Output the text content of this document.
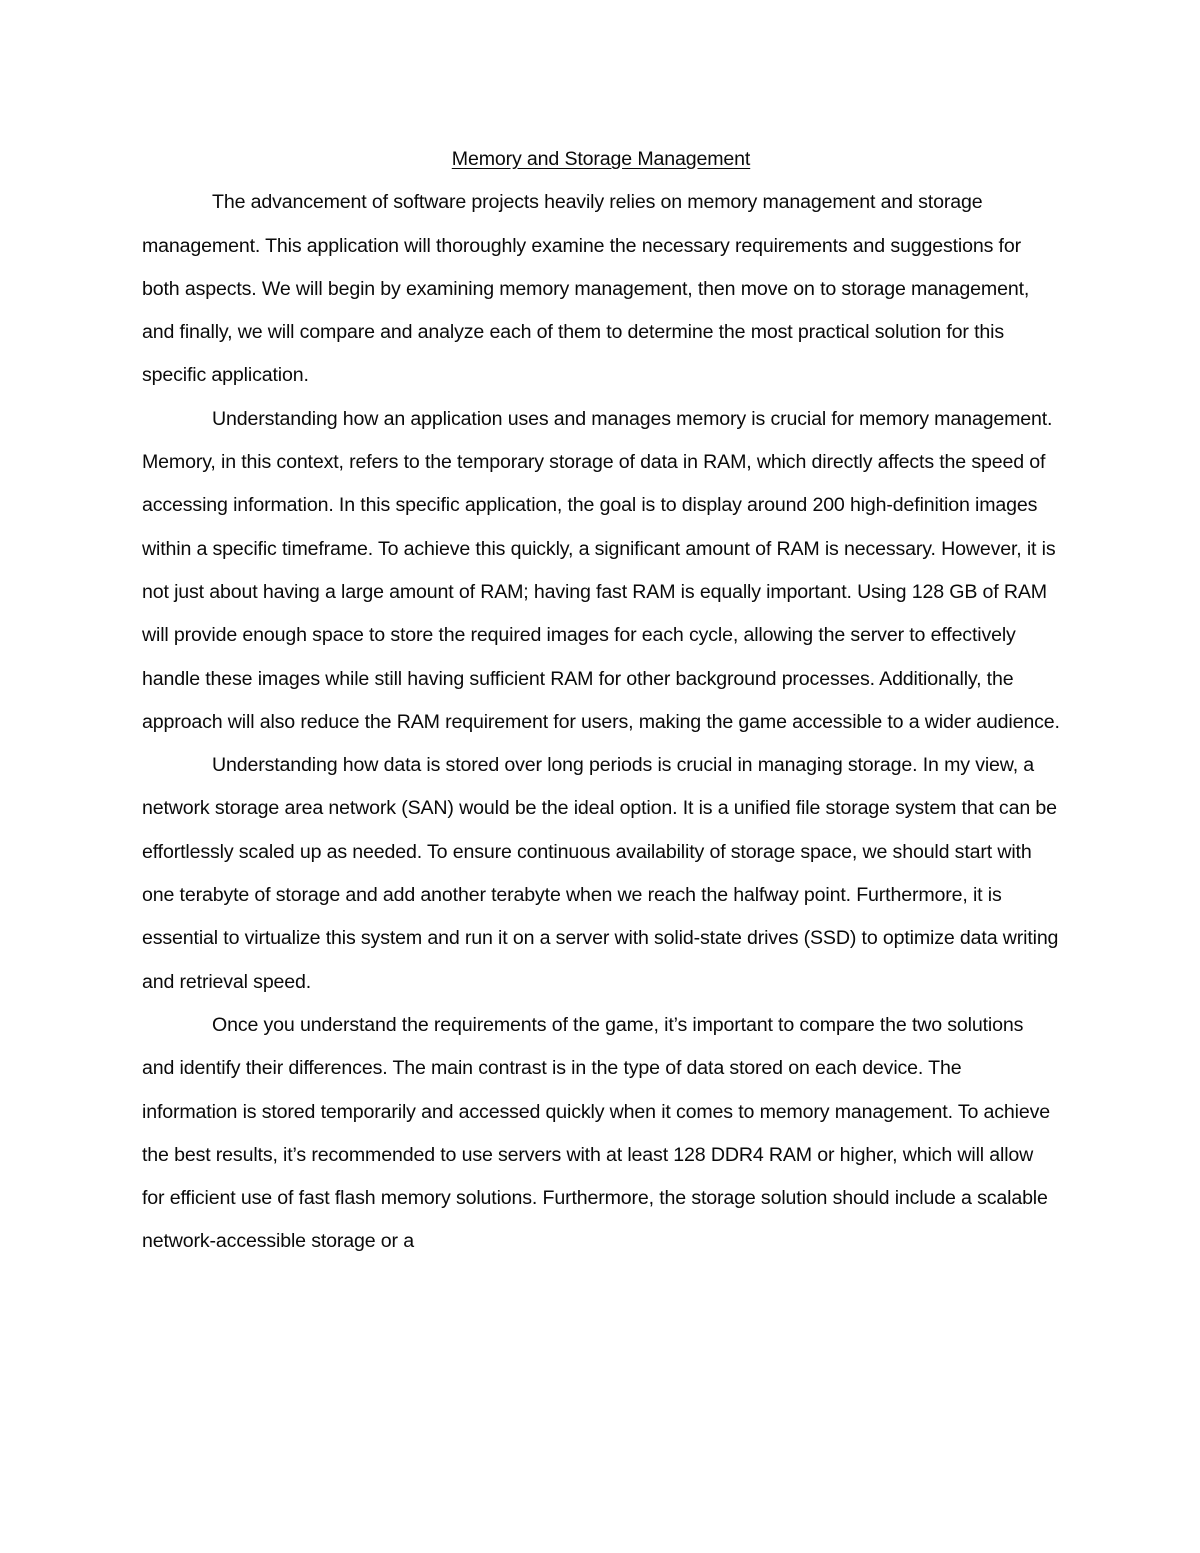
Memory and Storage Management

The advancement of software projects heavily relies on memory management and storage management. This application will thoroughly examine the necessary requirements and suggestions for both aspects. We will begin by examining memory management, then move on to storage management, and finally, we will compare and analyze each of them to determine the most practical solution for this specific application.

Understanding how an application uses and manages memory is crucial for memory management. Memory, in this context, refers to the temporary storage of data in RAM, which directly affects the speed of accessing information. In this specific application, the goal is to display around 200 high-definition images within a specific timeframe. To achieve this quickly, a significant amount of RAM is necessary. However, it is not just about having a large amount of RAM; having fast RAM is equally important. Using 128 GB of RAM will provide enough space to store the required images for each cycle, allowing the server to effectively handle these images while still having sufficient RAM for other background processes. Additionally, the approach will also reduce the RAM requirement for users, making the game accessible to a wider audience.

Understanding how data is stored over long periods is crucial in managing storage. In my view, a network storage area network (SAN) would be the ideal option. It is a unified file storage system that can be effortlessly scaled up as needed. To ensure continuous availability of storage space, we should start with one terabyte of storage and add another terabyte when we reach the halfway point. Furthermore, it is essential to virtualize this system and run it on a server with solid-state drives (SSD) to optimize data writing and retrieval speed.

Once you understand the requirements of the game, it’s important to compare the two solutions and identify their differences. The main contrast is in the type of data stored on each device. The information is stored temporarily and accessed quickly when it comes to memory management. To achieve the best results, it’s recommended to use servers with at least 128 DDR4 RAM or higher, which will allow for efficient use of fast flash memory solutions. Furthermore, the storage solution should include a scalable network-accessible storage or a
